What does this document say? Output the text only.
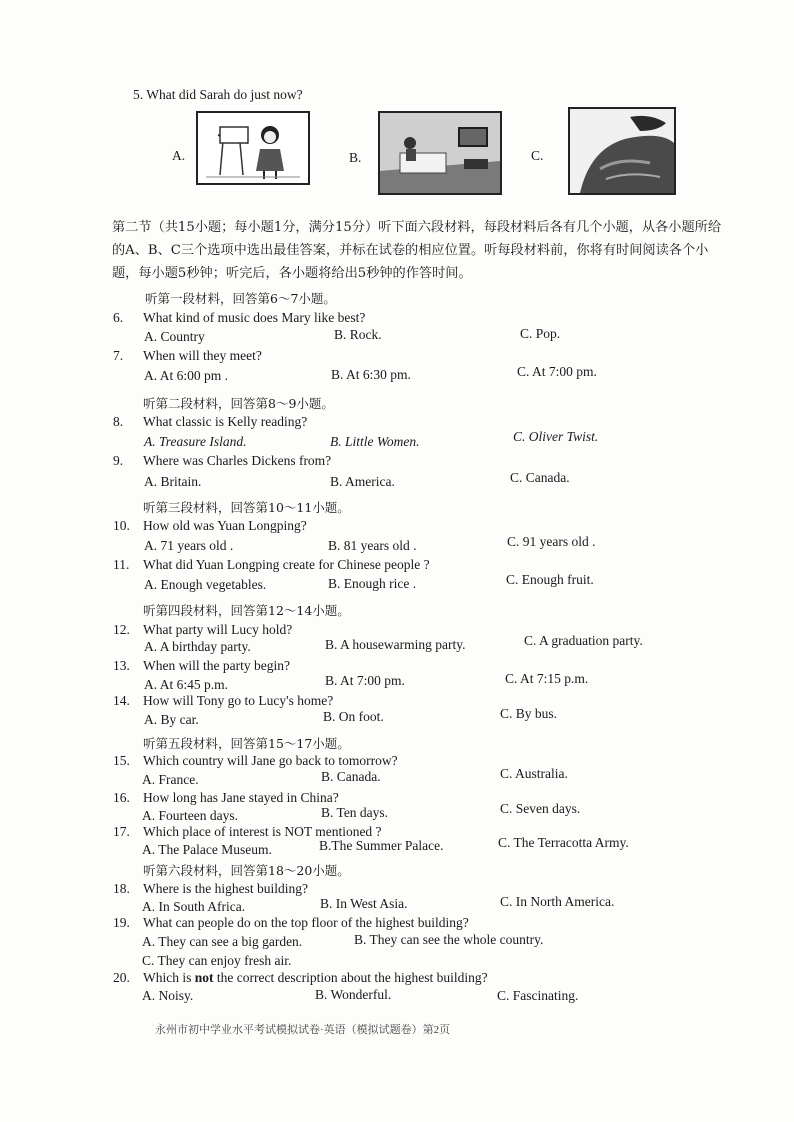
5. What did Sarah do just now?
A.	B.	C.
第二节（共15小题；每小题1分，满分15分）听下面六段材料，每段材料后各有几个小题，从各小题所给的A、B、C三个选项中选出最佳答案，并标在试卷的相应位置。听每段材料前，你将有时间阅读各个小题，每小题5秒钟；听完后，各小题将给出5秒钟的作答时间。
听第一段材料，回答第6～7小题。
6. What kind of music does Mary like best?
A. Country	B. Rock.	C. Pop.
7. When will they meet?
A. At 6:00 pm .	B. At 6:30 pm.	C. At 7:00 pm.
听第二段材料，回答第8～9小题。
8. What classic is Kelly reading?
A. Treasure Island.	B. Little Women.	C. Oliver Twist.
9. Where was Charles Dickens from?
A. Britain.	B. America.	C. Canada.
听第三段材料，回答第10～11小题。
10. How old was Yuan Longping?
A. 71 years old .	B. 81 years old .	C. 91 years old .
11. What did Yuan Longping create for Chinese people ?
A. Enough vegetables.	B. Enough rice .	C. Enough fruit.
听第四段材料，回答第12～14小题。
12. What party will Lucy hold?
A. A birthday party.	B. A housewarming party.	C. A graduation party.
13. When will the party begin?
A. At 6:45 p.m.	B. At 7:00 pm.	C. At 7:15 p.m.
14. How will Tony go to Lucy's home?
A. By car.	B. On foot.	C. By bus.
听第五段材料，回答第15～17小题。
15. Which country will Jane go back to tomorrow?
A. France.	B. Canada.	C. Australia.
16. How long has Jane stayed in China?
A. Fourteen days.	B. Ten days.	C. Seven days.
17. Which place of interest is NOT mentioned ?
A. The Palace Museum.	B.The Summer Palace.	C. The Terracotta Army.
听第六段材料，回答第18～20小题。
18. Where is the highest building?
A. In South Africa.	B. In West Asia.	C. In North America.
19. What can people do on the top floor of the highest building?
A. They can see a big garden.	B. They can see the whole country.
C. They can enjoy fresh air.
20. Which is not the correct description about the highest building?
A. Noisy.	B. Wonderful.	C. Fascinating.
永州市初中学业水平考试模拟试卷·英语（模拟试题卷）第2页
